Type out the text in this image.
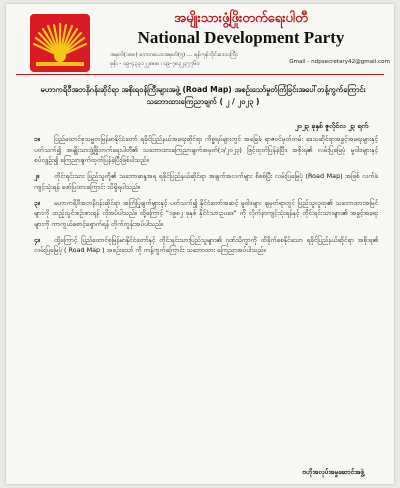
အမျိုးသားဖွံ့ဖြိုးတက်ရေးပါတီ
National Development Party
အမှတ်(၁၈၈) ဘောဂယောအမှတ်(၅) ... ရန်ကုန်တိုင်းဒေသကြီး
ဖုန်း - ၀၉-၄၃၃၁၂၂၈၈၈ ၊ ၀၉-၇၈၃၂၃၇၇၆၀	Gmail - ndpsecretary42@gmail.com
မဟာကရိဝီအဘနိဂန်းဆိုင်ရာ အစိုးရဝန်ကြီးများအဖွဲ့ (Road Map) အစဥ်းသော်မှုတ်ကြံခြင်းအပေါ်တန့်ကွက်ကြောင်း သဘောထားကြေညာချက် ( ၂ / ၂၀၂၃ )
၂၀၂၃ ခုနှစ် ဇူလိုင်လ ၂၃ ရက်

၁။ ပြည်ထောင်စုသမ္မတမြန်မာနိုင်ငံတော် ရခိုင်ပြည်နယ်အရေးဆိုင်ရာ ကိစ္စရပ်များတွင် အခြေခံ ရာဇဝင်မှတ်တမ်း ဒေသဆိုင်ရာအခွင့်အရေးများနှင့် ပတ်သက်၍ အမျိုးသားဖွံ့ဖြိုးတက်ရေးပါတီ၏ သဘောထားကြေညာချက်အမှတ်(၁/၂၀၂၃) ဖြင့်ထုတ်ပြန်ခဲ့ပြီး၊ အစိုးရ၏ လမ်းပြမြေပုံ မူဝါဒများနှင့်စပ်လျဉ်း၍ ကြေညာချက်ထုတ်ပြန်ခဲ့ပြီးဖြစ်ပါသည်။

၂။ တိုင်းရင်းသား ပြည်သူတို့၏ သဘောဆန္ဒအရ ရခိုင်ပြည်နယ်ဆိုင်ရာ အချက်အလက်များ စိစစ်ပြီး လမ်းပြမြေပုံ (Road Map) အဖြစ် လက်ခံကျင့်သုံးရန် ဖော်ပြထားကြောင်း သိရှိရပါသည်။

၃။ မဟာကရိဝီအဘနိဂန်းဆိုင်ရာ အကြံပြုချက်များနှင့် ပတ်သက်၍ နိုင်ငံတော်အဆင့် မူဝါဒများ ချမှတ်ရာတွင် ပြည်သူလူထု၏ သဘောထားအမြင်များကို ထည့်သွင်းစဥ်းစားရန် လိုအပ်ပါသည်။ ထို့ကြောင့် "၁၉၈၂ ခုနှစ် နိုင်ငံသားဥပဒေ" ကို လိုက်နာကျင့်သုံးရန်နှင့် တိုင်းရင်းသားများ၏ အခွင့်အရေးများကို ကာကွယ်စောင့်ရှောက်ရန် တိုက်တွန်းအပ်ပါသည်။

၄။ ထို့ကြောင့် ပြည်ထောင်စုမြန်မာနိုင်ငံတော်နှင့် တိုင်းရင်းသားပြည်သူများ၏ ဂုဏ်သိက္ခာကို ထိခိုက်စေနိုင်သော ရခိုင်ပြည်နယ်ဆိုင်ရာ အစိုးရ၏ လမ်းပြမြေပုံ ( Road Map ) အစဥ်းသော် ကို ကန့်ကွက်ကြောင်း သဘောထား ကြေညာအပ်ပါသည်။

ဗဟိုအလုပ်အမှုဆောင်အဖွဲ့
